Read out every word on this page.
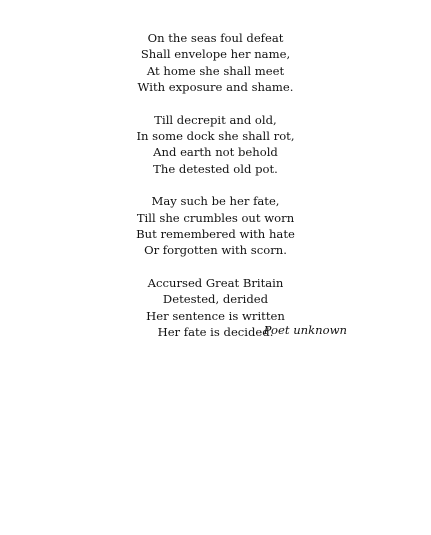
On the seas foul defeat
Shall envelope her name,
At home she shall meet
With exposure and shame.
Till decrepit and old,
In some dock she shall rot,
And earth not behold
The detested old pot.
May such be her fate,
Till she crumbles out worn
But remembered with hate
Or forgotten with scorn.
Accursed Great Britain
Detested, derided
Her sentence is written
Her fate is decided.
Poet unknown
